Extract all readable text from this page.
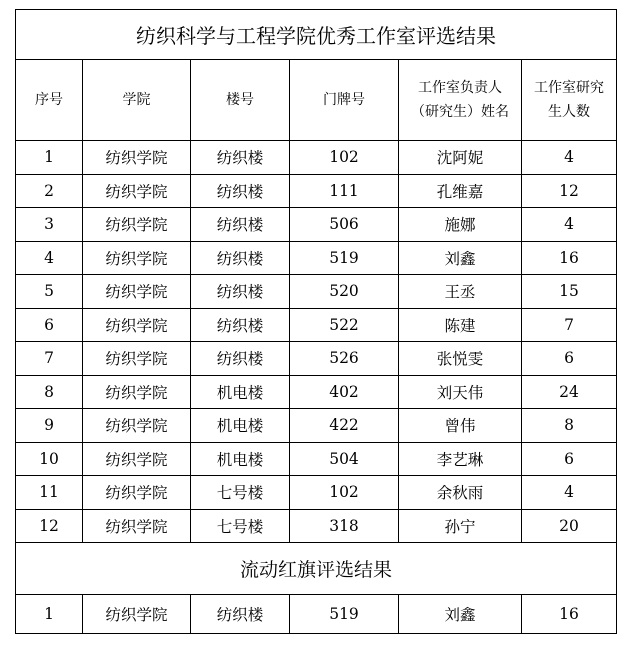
纺织科学与工程学院优秀工作室评选结果					
序号	学院	楼号	门牌号	工作室负责人（研究生）姓名	工作室研究生人数
1	纺织学院	纺织楼	102	沈阿妮	4
2	纺织学院	纺织楼	111	孔维嘉	12
3	纺织学院	纺织楼	506	施娜	4
4	纺织学院	纺织楼	519	刘鑫	16
5	纺织学院	纺织楼	520	王丞	15
6	纺织学院	纺织楼	522	陈建	7
7	纺织学院	纺织楼	526	张悦雯	6
8	纺织学院	机电楼	402	刘天伟	24
9	纺织学院	机电楼	422	曾伟	8
10	纺织学院	机电楼	504	李艺琳	6
11	纺织学院	七号楼	102	余秋雨	4
12	纺织学院	七号楼	318	孙宁	20
流动红旗评选结果					
1	纺织学院	纺织楼	519	刘鑫	16
